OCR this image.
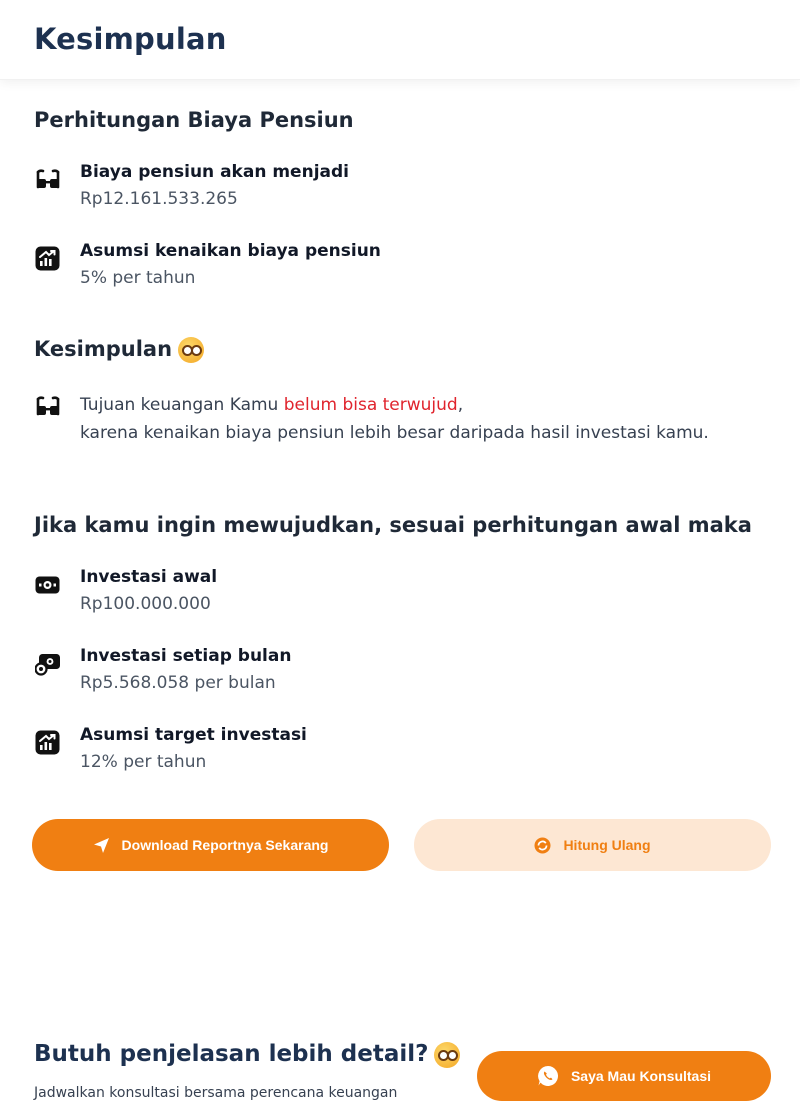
Kesimpulan
Perhitungan Biaya Pensiun
Biaya pensiun akan menjadi
Rp12.161.533.265
Asumsi kenaikan biaya pensiun
5% per tahun
Kesimpulan
Tujuan keuangan Kamu belum bisa terwujud,
karena kenaikan biaya pensiun lebih besar daripada hasil investasi kamu.
Jika kamu ingin mewujudkan, sesuai perhitungan awal maka
Investasi awal
Rp100.000.000
Investasi setiap bulan
Rp5.568.058 per bulan
Asumsi target investasi
12% per tahun
Download Reportnya Sekarang	Hitung Ulang
Butuh penjelasan lebih detail?
Jadwalkan konsultasi bersama perencana keuangan
Saya Mau Konsultasi
